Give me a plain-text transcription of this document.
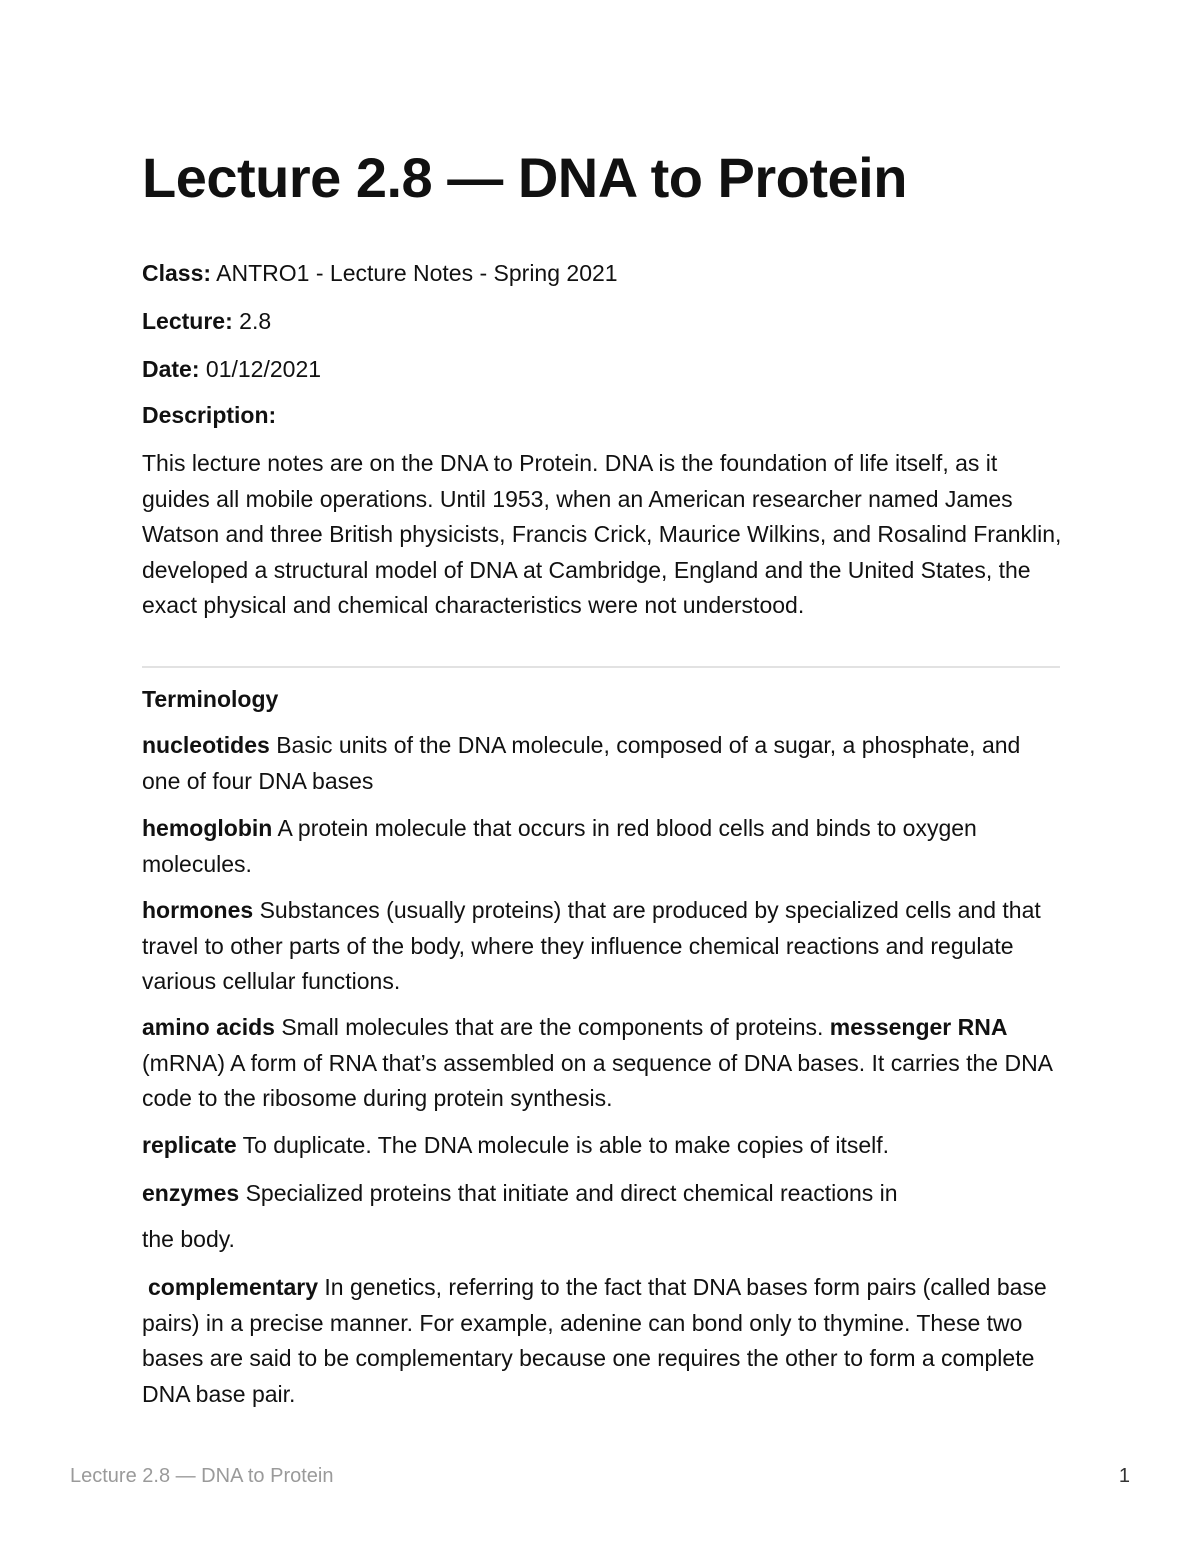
Lecture 2.8 — DNA to Protein
Class: ANTRO1 - Lecture Notes - Spring 2021
Lecture: 2.8
Date: 01/12/2021
Description:

This lecture notes are on the DNA to Protein. DNA is the foundation of life itself, as it guides all mobile operations. Until 1953, when an American researcher named James Watson and three British physicists, Francis Crick, Maurice Wilkins, and Rosalind Franklin, developed a structural model of DNA at Cambridge, England and the United States, the exact physical and chemical characteristics were not understood.

Terminology

nucleotides Basic units of the DNA molecule, composed of a sugar, a phosphate, and one of four DNA bases

hemoglobin A protein molecule that occurs in red blood cells and binds to oxygen molecules.

hormones Substances (usually proteins) that are produced by specialized cells and that travel to other parts of the body, where they influence chemical reactions and regulate various cellular functions.

amino acids Small molecules that are the components of proteins. messenger RNA (mRNA) A form of RNA that’s assembled on a sequence of DNA bases. It carries the DNA code to the ribosome during protein synthesis.

replicate To duplicate. The DNA molecule is able to make copies of itself.

enzymes Specialized proteins that initiate and direct chemical reactions in

the body.

complementary In genetics, referring to the fact that DNA bases form pairs (called base pairs) in a precise manner. For example, adenine can bond only to thymine. These two bases are said to be complementary because one requires the other to form a complete DNA base pair.

Lecture 2.8 — DNA to Protein	1
